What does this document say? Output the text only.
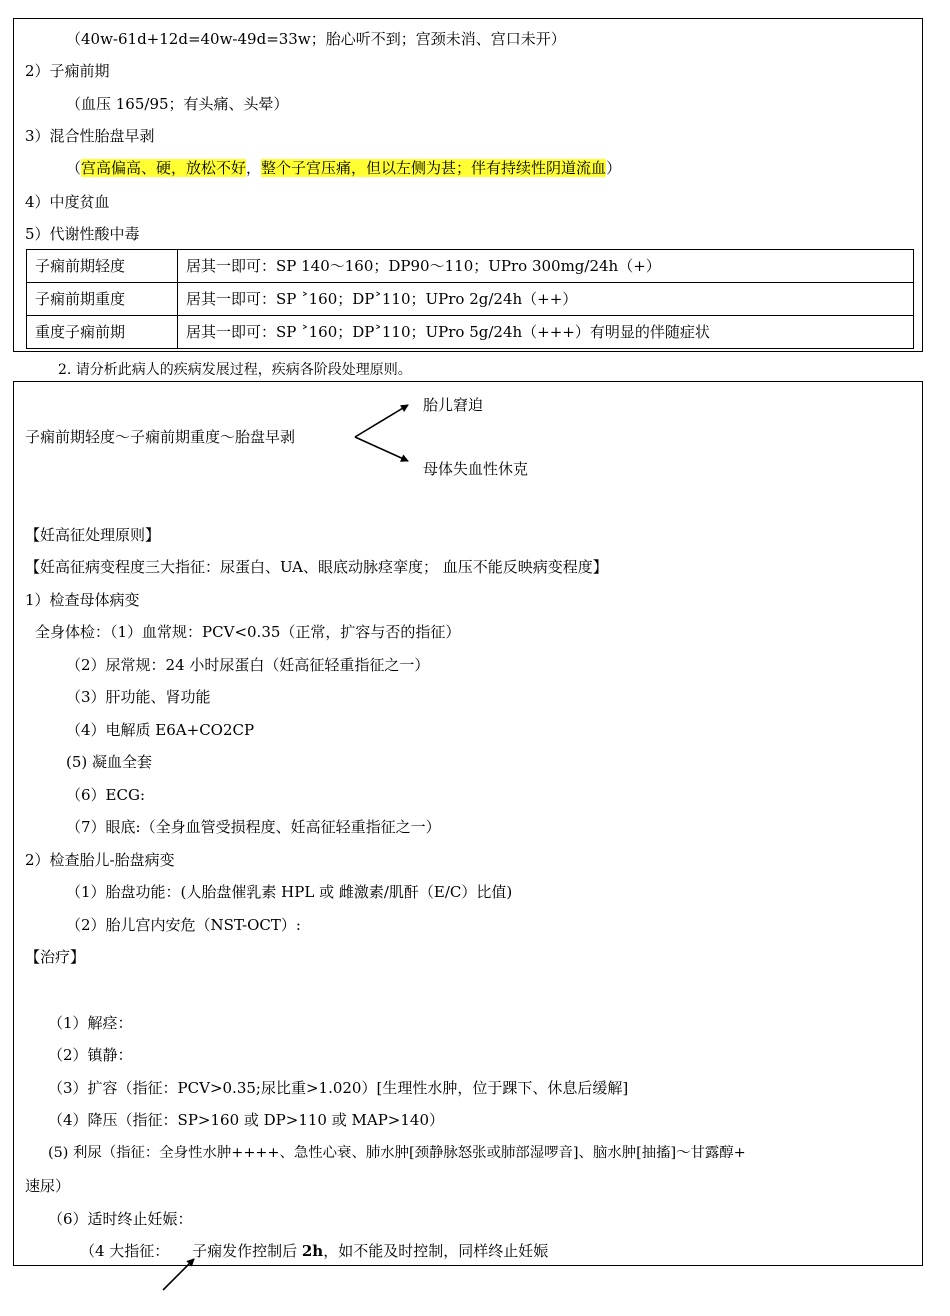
（40w-61d+12d=40w-49d=33w；胎心听不到；宫颈未消、宫口未开）
2）子痫前期
（血压 165/95；有头痛、头晕）
3）混合性胎盘早剥
（宫高偏高、硬，放松不好，整个子宫压痛，但以左侧为甚；伴有持续性阴道流血）
4）中度贫血
5）代谢性酸中毒
子痫前期轻度	居其一即可：SP 140～160；DP90～110；UPro 300mg/24h（+）
子痫前期重度	居其一即可：SP ˃160；DP˃110；UPro 2g/24h（++）
重度子痫前期	居其一即可：SP ˃160；DP˃110；UPro 5g/24h（+++）有明显的伴随症状
2. 请分析此病人的疾病发展过程，疾病各阶段处理原则。
子痫前期轻度～子痫前期重度～胎盘早剥
胎儿窘迫
母体失血性休克
【妊高征处理原则】
【妊高征病变程度三大指征：尿蛋白、UA、眼底动脉痉挛度； 血压不能反映病变程度】
1）检查母体病变
全身体检：（1）血常规：PCV<0.35（正常，扩容与否的指征）
（2）尿常规：24 小时尿蛋白（妊高征轻重指征之一）
（3）肝功能、肾功能
（4）电解质 E6A+CO2CP
(5) 凝血全套
（6）ECG:
（7）眼底:（全身血管受损程度、妊高征轻重指征之一）
2）检查胎儿-胎盘病变
（1）胎盘功能：(人胎盘催乳素 HPL 或 雌激素/肌酐（E/C）比值)
（2）胎儿宫内安危（NST-OCT）:
【治疗】
（1）解痉：
（2）镇静：
（3）扩容（指征：PCV>0.35;尿比重>1.020）[生理性水肿，位于踝下、休息后缓解]
（4）降压（指征：SP>160 或 DP>110 或 MAP>140）
(5) 利尿（指征：全身性水肿++++、急性心衰、肺水肿[颈静脉怒张或肺部湿啰音]、脑水肿[抽搐]～甘露醇+
速尿）
（6）适时终止妊娠：
（4 大指征： 子痫发作控制后 2h，如不能及时控制，同样终止妊娠
